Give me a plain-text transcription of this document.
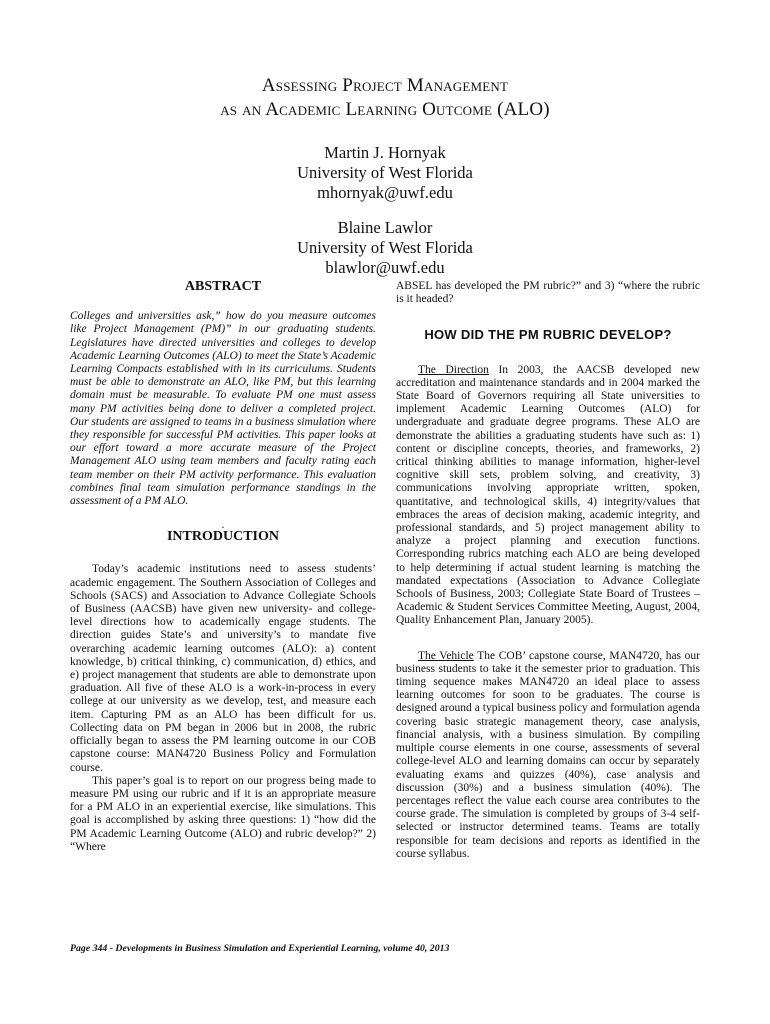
Assessing Project Management
as an Academic Learning Outcome (ALO)
Martin J. Hornyak
University of West Florida
mhornyak@uwf.edu
Blaine Lawlor
University of West Florida
blawlor@uwf.edu
ABSTRACT

Colleges and universities ask,” how do you measure outcomes like Project Management (PM)” in our graduating students. Legislatures have directed universities and colleges to develop Academic Learning Outcomes (ALO) to meet the State’s Academic Learning Compacts established with in its curriculums. Students must be able to demonstrate an ALO, like PM, but this learning domain must be measurable. To evaluate PM one must assess many PM activities being done to deliver a completed project. Our students are assigned to teams in a business simulation where they responsible for successful PM activities. This paper looks at our effort toward a more accurate measure of the Project Management ALO using team members and faculty rating each team member on their PM activity performance. This evaluation combines final team simulation performance standings in the assessment of a PM ALO.

.
INTRODUCTION

Today’s academic institutions need to assess students’ academic engagement. The Southern Association of Colleges and Schools (SACS) and Association to Advance Collegiate Schools of Business (AACSB) have given new university- and college-level directions how to academically engage students. The direction guides State’s and university’s to mandate five overarching academic learning outcomes (ALO): a) content knowledge, b) critical thinking, c) communication, d) ethics, and e) project management that students are able to demonstrate upon graduation. All five of these ALO is a work-in-process in every college at our university as we develop, test, and measure each item. Capturing PM as an ALO has been difficult for us. Collecting data on PM began in 2006 but in 2008, the rubric officially began to assess the PM learning outcome in our COB capstone course: MAN4720 Business Policy and Formulation course.

This paper’s goal is to report on our progress being made to measure PM using our rubric and if it is an appropriate measure for a PM ALO in an experiential exercise, like simulations. This goal is accomplished by asking three questions: 1) “how did the PM Academic Learning Outcome (ALO) and rubric develop?” 2) “Where

ABSEL has developed the PM rubric?” and 3) “where the rubric is it headed?

HOW DID THE PM RUBRIC DEVELOP?

The Direction In 2003, the AACSB developed new accreditation and maintenance standards and in 2004 marked the State Board of Governors requiring all State universities to implement Academic Learning Outcomes (ALO) for undergraduate and graduate degree programs. These ALO are demonstrate the abilities a graduating students have such as: 1) content or discipline concepts, theories, and frameworks, 2) critical thinking abilities to manage information, higher-level cognitive skill sets, problem solving, and creativity, 3) communications involving appropriate written, spoken, quantitative, and technological skills, 4) integrity/values that embraces the areas of decision making, academic integrity, and professional standards, and 5) project management ability to analyze a project planning and execution functions. Corresponding rubrics matching each ALO are being developed to help determining if actual student learning is matching the mandated expectations (Association to Advance Collegiate Schools of Business, 2003; Collegiate State Board of Trustees – Academic & Student Services Committee Meeting, August, 2004, Quality Enhancement Plan, January 2005).

The Vehicle The COB’ capstone course, MAN4720, has our business students to take it the semester prior to graduation. This timing sequence makes MAN4720 an ideal place to assess learning outcomes for soon to be graduates. The course is designed around a typical business policy and formulation agenda covering basic strategic management theory, case analysis, financial analysis, with a business simulation. By compiling multiple course elements in one course, assessments of several college-level ALO and learning domains can occur by separately evaluating exams and quizzes (40%), case analysis and discussion (30%) and a business simulation (40%). The percentages reflect the value each course area contributes to the course grade. The simulation is completed by groups of 3-4 self-selected or instructor determined teams. Teams are totally responsible for team decisions and reports as identified in the course syllabus.

Page 344 - Developments in Business Simulation and Experiential Learning, volume 40, 2013
